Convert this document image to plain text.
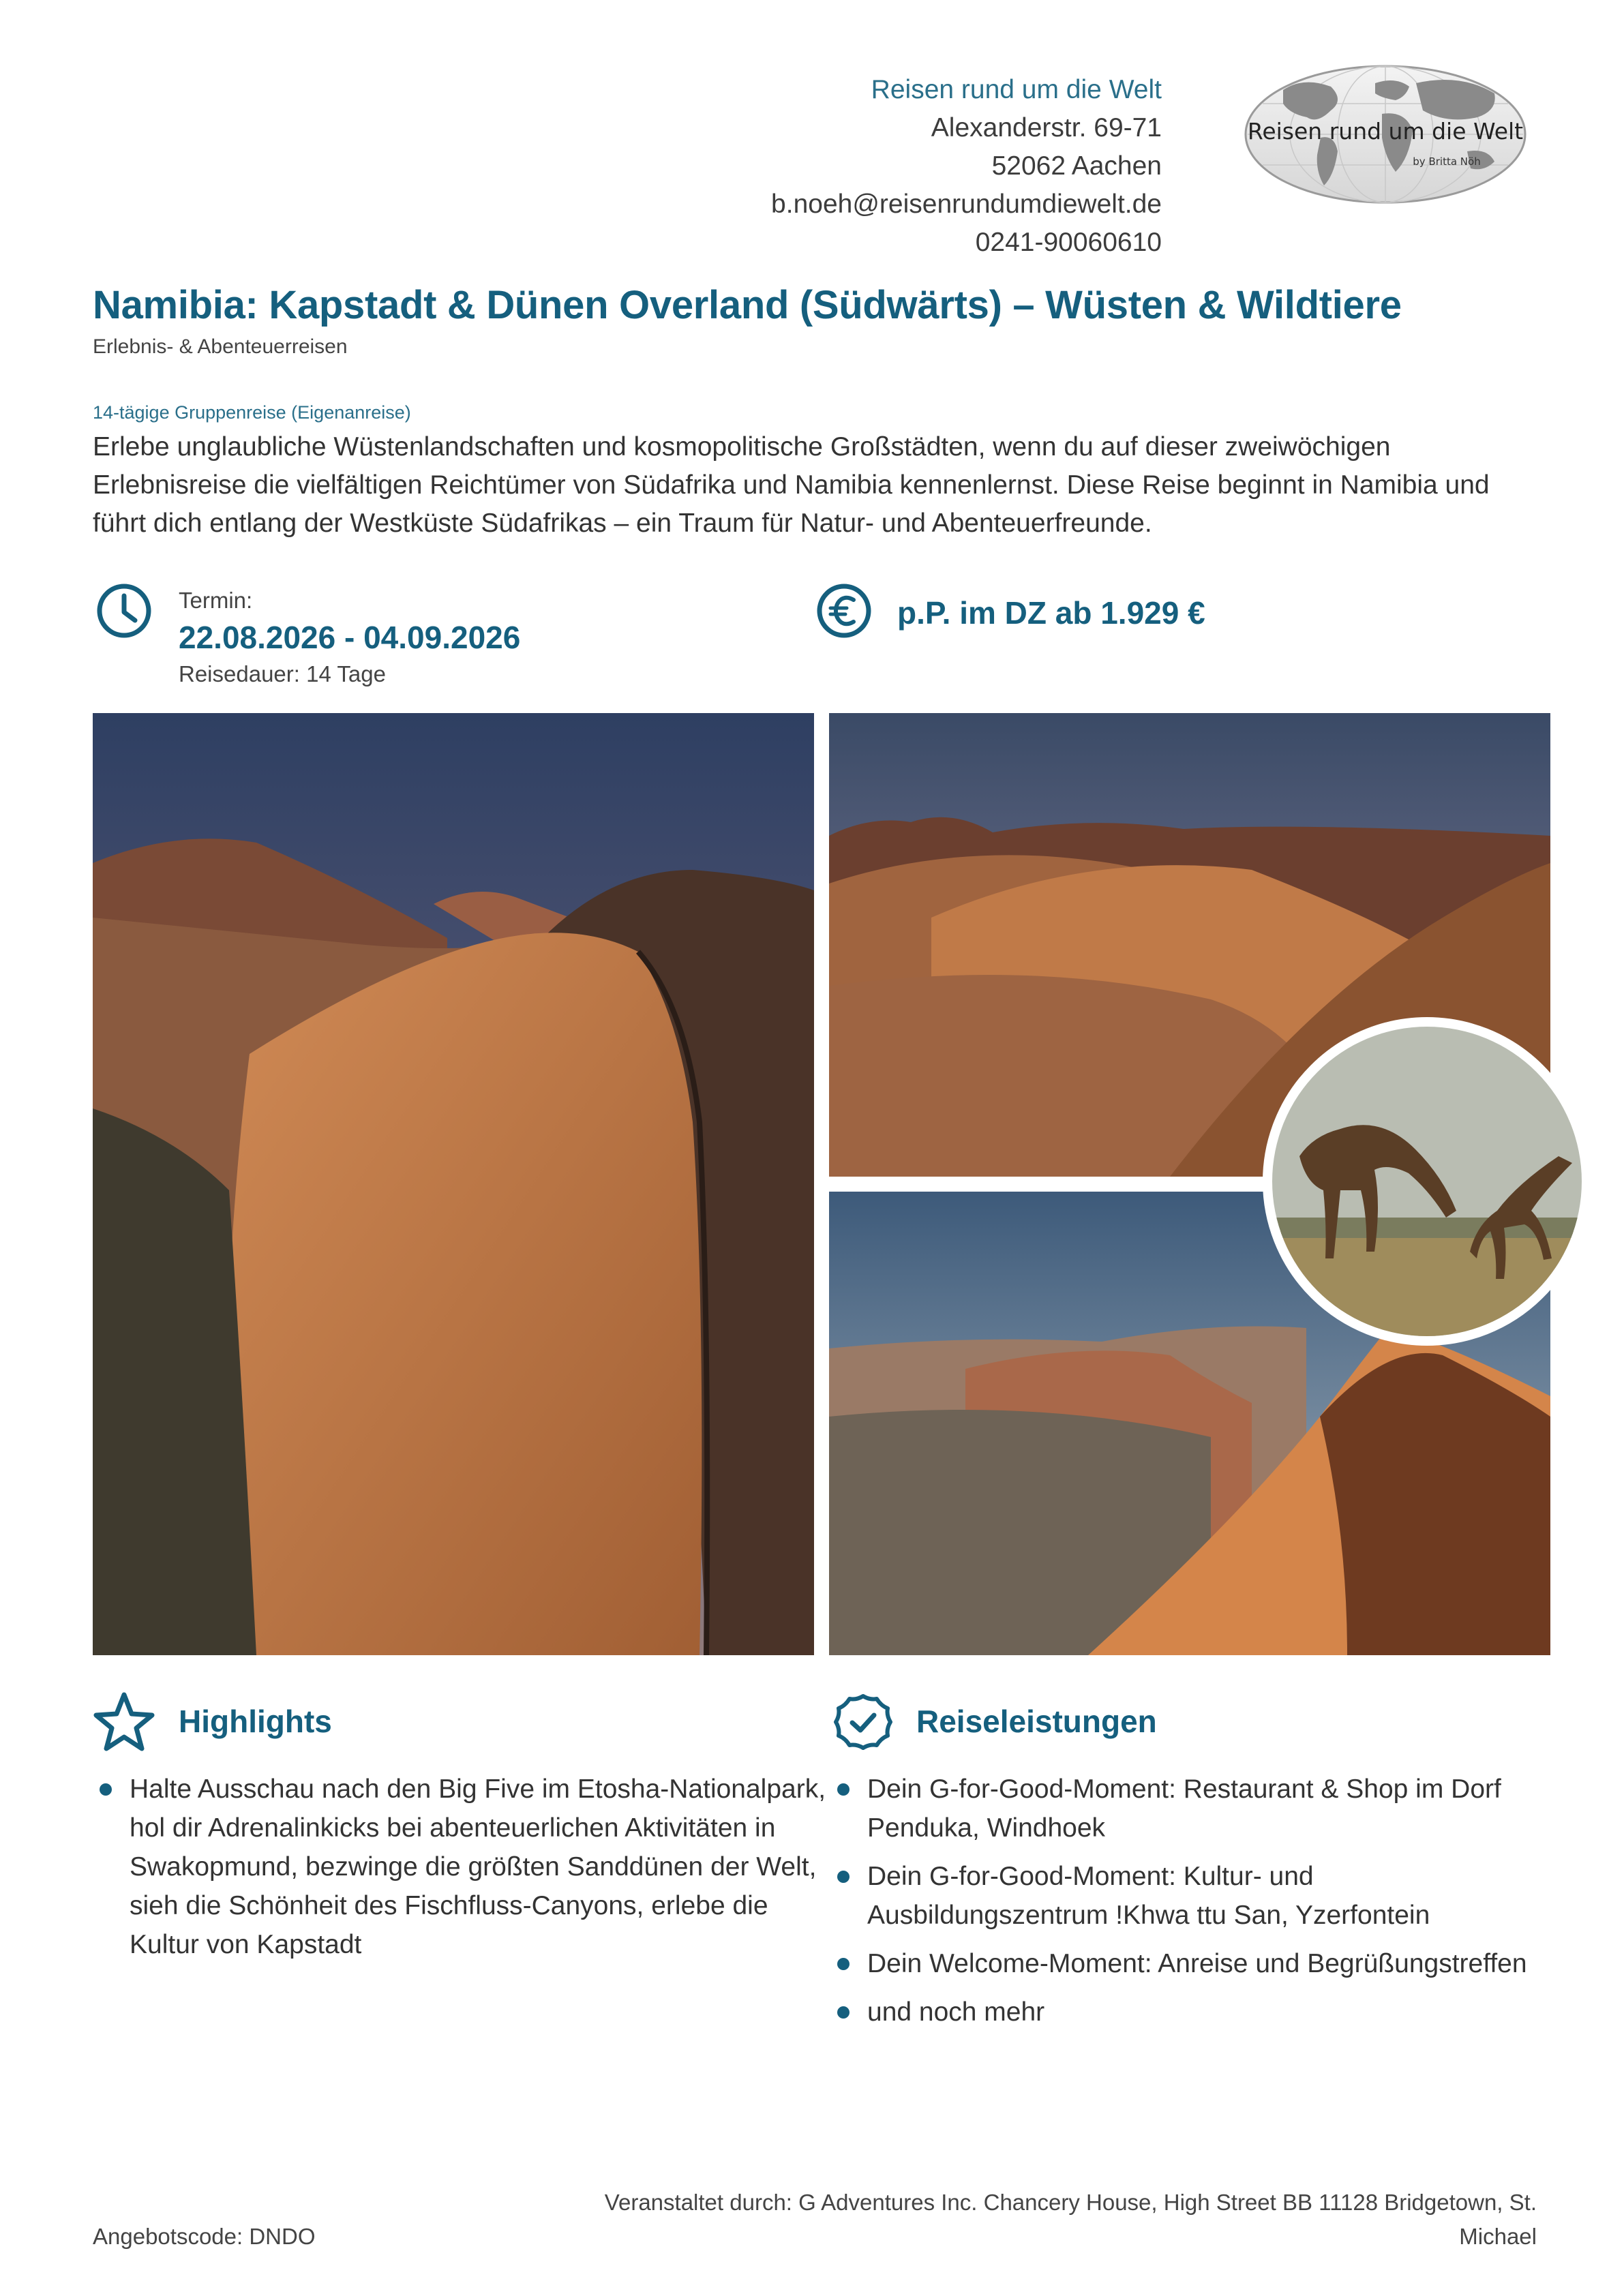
Reisen rund um die Welt
Alexanderstr. 69-71
52062 Aachen
b.noeh@reisenrundumdiewelt.de
0241-90060610
Reisen rund um die Welt
by Britta Nöh
Namibia: Kapstadt & Dünen Overland (Südwärts) – Wüsten & Wildtiere
Erlebnis- & Abenteuerreisen
14-tägige Gruppenreise (Eigenanreise)
Erlebe unglaubliche Wüstenlandschaften und kosmopolitische Großstädten, wenn du auf dieser zweiwöchigen Erlebnisreise die vielfältigen Reichtümer von Südafrika und Namibia kennenlernst. Diese Reise beginnt in Namibia und führt dich entlang der Westküste Südafrikas – ein Traum für Natur- und Abenteuerfreunde.
Termin:
22.08.2026 - 04.09.2026
Reisedauer: 14 Tage
p.P. im DZ ab 1.929 €
Highlights
Halte Ausschau nach den Big Five im Etosha-Nationalpark, hol dir Adrenalinkicks bei abenteuerlichen Aktivitäten in Swakopmund, bezwinge die größten Sanddünen der Welt, sieh die Schönheit des Fischfluss-Canyons, erlebe die Kultur von Kapstadt
Reiseleistungen
Dein G-for-Good-Moment: Restaurant & Shop im Dorf Penduka, Windhoek
Dein G-for-Good-Moment: Kultur- und Ausbildungszentrum !Khwa ttu San, Yzerfontein
Dein Welcome-Moment: Anreise und Begrüßungstreffen
und noch mehr
Angebotscode: DNDO
Veranstaltet durch: G Adventures Inc. Chancery House, High Street BB 11128 Bridgetown, St. Michael
